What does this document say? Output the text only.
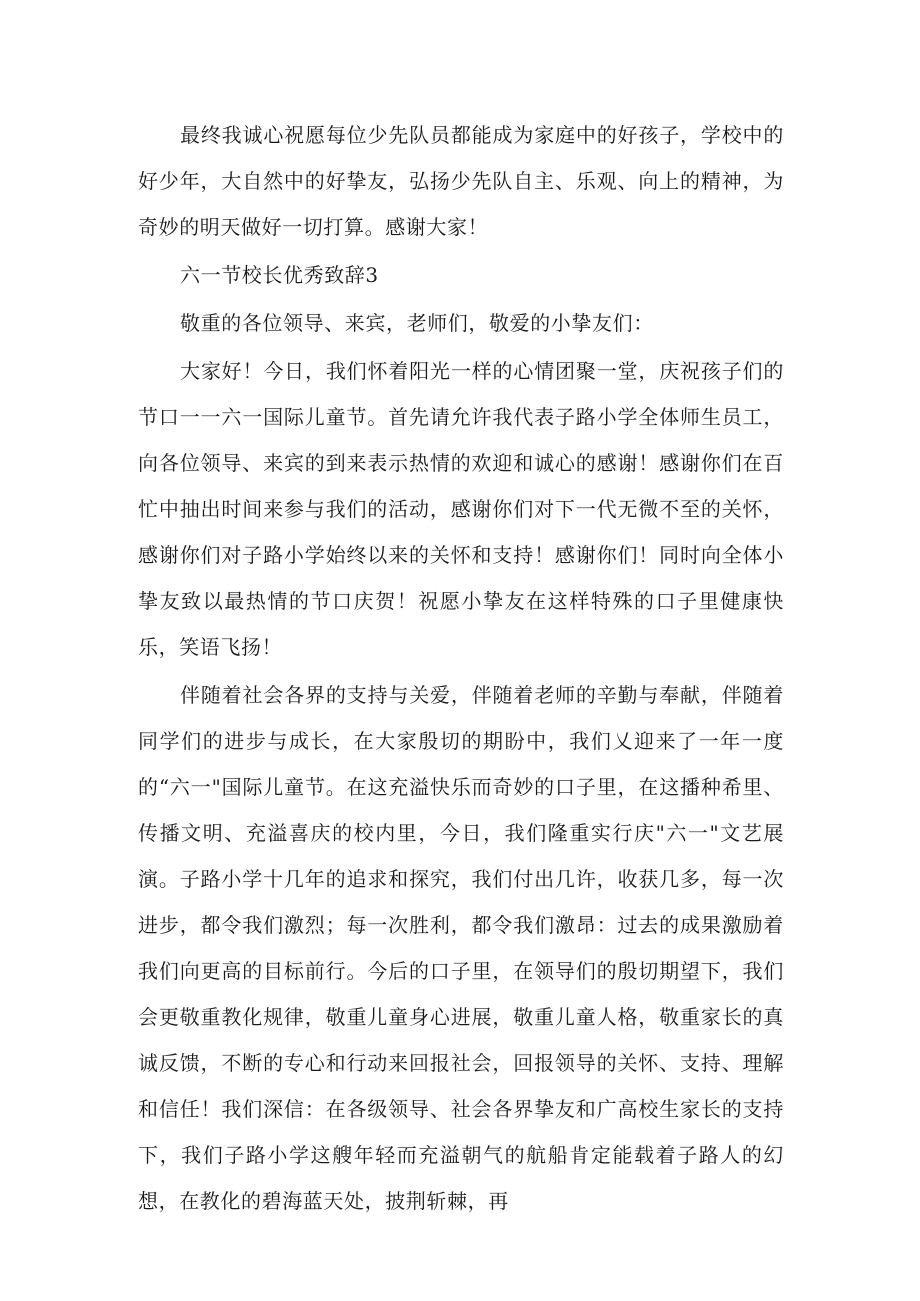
最终我诚心祝愿每位少先队员都能成为家庭中的好孩子，学校中的好少年，大自然中的好挚友，弘扬少先队自主、乐观、向上的精神，为奇妙的明天做好一切打算。感谢大家！

六一节校长优秀致辞3

敬重的各位领导、来宾，老师们，敬爱的小挚友们：

大家好！今日，我们怀着阳光一样的心情团聚一堂，庆祝孩子们的节口一一六一国际儿童节。首先请允许我代表子路小学全体师生员工，向各位领导、来宾的到来表示热情的欢迎和诚心的感谢！感谢你们在百忙中抽出时间来参与我们的活动，感谢你们对下一代无微不至的关怀，感谢你们对子路小学始终以来的关怀和支持！感谢你们！同时向全体小挚友致以最热情的节口庆贺！祝愿小挚友在这样特殊的口子里健康快乐，笑语飞扬！

伴随着社会各界的支持与关爱，伴随着老师的辛勤与奉献，伴随着同学们的进步与成长，在大家殷切的期盼中，我们乂迎来了一年一度的“六一"国际儿童节。在这充溢快乐而奇妙的口子里，在这播种希里、传播文明、充溢喜庆的校内里，今日，我们隆重实行庆"六一"文艺展演。子路小学十几年的追求和探究，我们付出几许，收获几多，每一次进步，都令我们激烈；每一次胜利，都令我们激昂：过去的成果激励着我们向更高的目标前行。今后的口子里，在领导们的殷切期望下，我们会更敬重教化规律，敬重儿童身心进展，敬重儿童人格，敬重家长的真诚反馈，不断的专心和行动来回报社会，回报领导的关怀、支持、理解和信任！我们深信：在各级领导、社会各界挚友和广高校生家长的支持下，我们子路小学这艘年轻而充溢朝气的航船肯定能载着子路人的幻想，在教化的碧海蓝天处，披荆斩棘，再
